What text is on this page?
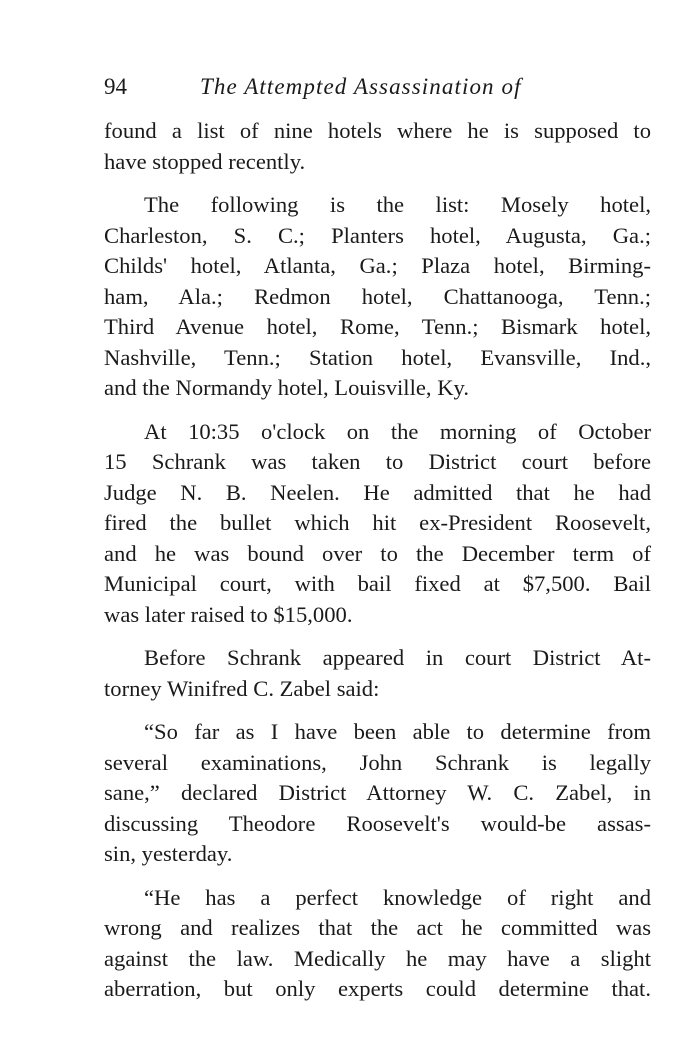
94	The Attempted Assassination of
found a list of nine hotels where he is supposed to
have stopped recently.
The following is the list: Mosely hotel,
Charleston, S. C.; Planters hotel, Augusta, Ga.;
Childs' hotel, Atlanta, Ga.; Plaza hotel, Birming-
ham, Ala.; Redmon hotel, Chattanooga, Tenn.;
Third Avenue hotel, Rome, Tenn.; Bismark hotel,
Nashville, Tenn.; Station hotel, Evansville, Ind.,
and the Normandy hotel, Louisville, Ky.
At 10:35 o'clock on the morning of October
15 Schrank was taken to District court before
Judge N. B. Neelen. He admitted that he had
fired the bullet which hit ex-President Roosevelt,
and he was bound over to the December term of
Municipal court, with bail fixed at $7,500. Bail
was later raised to $15,000.
Before Schrank appeared in court District At-
torney Winifred C. Zabel said:
“So far as I have been able to determine from
several examinations, John Schrank is legally
sane,” declared District Attorney W. C. Zabel, in
discussing Theodore Roosevelt's would-be assas-
sin, yesterday.
“He has a perfect knowledge of right and
wrong and realizes that the act he committed was
against the law. Medically he may have a slight
aberration, but only experts could determine that.
